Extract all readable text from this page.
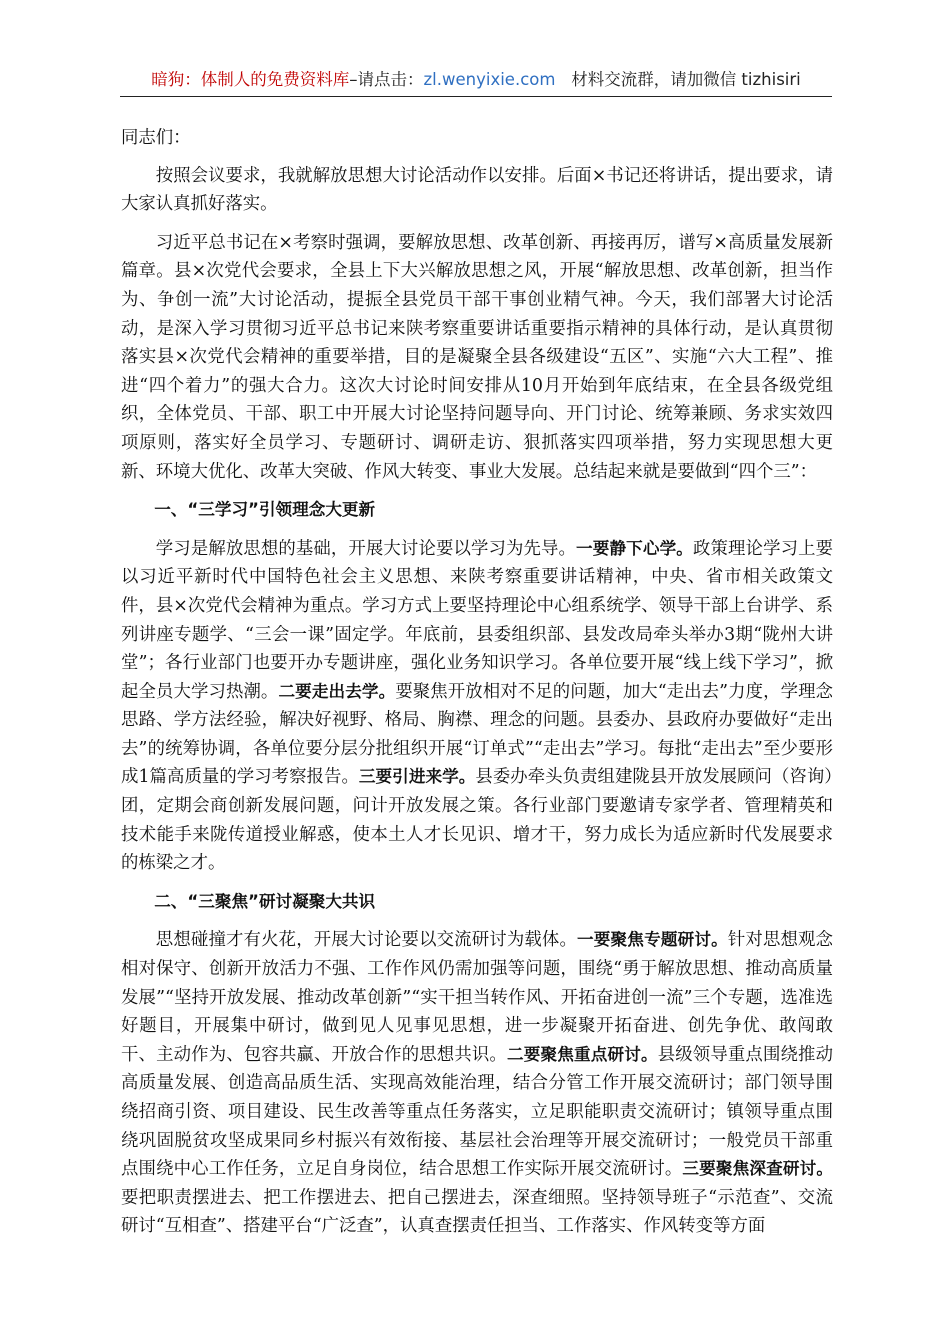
暗狗：体制人的免费资料库–请点击：zl.wenyixie.com 材料交流群，请加微信 tizhisiri

同志们：

按照会议要求，我就解放思想大讨论活动作以安排。后面×书记还将讲话，提出要求，请大家认真抓好落实。

习近平总书记在×考察时强调，要解放思想、改革创新、再接再厉，谱写×高质量发展新篇章。县×次党代会要求，全县上下大兴解放思想之风，开展“解放思想、改革创新，担当作为、争创一流”大讨论活动，提振全县党员干部干事创业精气神。今天，我们部署大讨论活动，是深入学习贯彻习近平总书记来陕考察重要讲话重要指示精神的具体行动，是认真贯彻落实县×次党代会精神的重要举措，目的是凝聚全县各级建设“五区”、实施“六大工程”、推进“四个着力”的强大合力。这次大讨论时间安排从10月开始到年底结束，在全县各级党组织，全体党员、干部、职工中开展大讨论坚持问题导向、开门讨论、统筹兼顾、务求实效四项原则，落实好全员学习、专题研讨、调研走访、狠抓落实四项举措，努力实现思想大更新、环境大优化、改革大突破、作风大转变、事业大发展。总结起来就是要做到“四个三”：

一、“三学习”引领理念大更新

学习是解放思想的基础，开展大讨论要以学习为先导。一要静下心学。政策理论学习上要以习近平新时代中国特色社会主义思想、来陕考察重要讲话精神，中央、省市相关政策文件，县×次党代会精神为重点。学习方式上要坚持理论中心组系统学、领导干部上台讲学、系列讲座专题学、“三会一课”固定学。年底前，县委组织部、县发改局牵头举办3期“陇州大讲堂”；各行业部门也要开办专题讲座，强化业务知识学习。各单位要开展“线上线下学习”，掀起全员大学习热潮。二要走出去学。要聚焦开放相对不足的问题，加大“走出去”力度，学理念思路、学方法经验，解决好视野、格局、胸襟、理念的问题。县委办、县政府办要做好“走出去”的统筹协调，各单位要分层分批组织开展“订单式”“走出去”学习。每批“走出去”至少要形成1篇高质量的学习考察报告。三要引进来学。县委办牵头负责组建陇县开放发展顾问（咨询）团，定期会商创新发展问题，问计开放发展之策。各行业部门要邀请专家学者、管理精英和技术能手来陇传道授业解惑，使本土人才长见识、增才干，努力成长为适应新时代发展要求的栋梁之才。

二、“三聚焦”研讨凝聚大共识

思想碰撞才有火花，开展大讨论要以交流研讨为载体。一要聚焦专题研讨。针对思想观念相对保守、创新开放活力不强、工作作风仍需加强等问题，围绕“勇于解放思想、推动高质量发展”“坚持开放发展、推动改革创新”“实干担当转作风、开拓奋进创一流”三个专题，选准选好题目，开展集中研讨，做到见人见事见思想，进一步凝聚开拓奋进、创先争优、敢闯敢干、主动作为、包容共赢、开放合作的思想共识。二要聚焦重点研讨。县级领导重点围绕推动高质量发展、创造高品质生活、实现高效能治理，结合分管工作开展交流研讨；部门领导围绕招商引资、项目建设、民生改善等重点任务落实，立足职能职责交流研讨；镇领导重点围绕巩固脱贫攻坚成果同乡村振兴有效衔接、基层社会治理等开展交流研讨；一般党员干部重点围绕中心工作任务，立足自身岗位，结合思想工作实际开展交流研讨。三要聚焦深查研讨。要把职责摆进去、把工作摆进去、把自己摆进去，深查细照。坚持领导班子“示范查”、交流研讨“互相查”、搭建平台“广泛查”，认真查摆责任担当、工作落实、作风转变等方面
